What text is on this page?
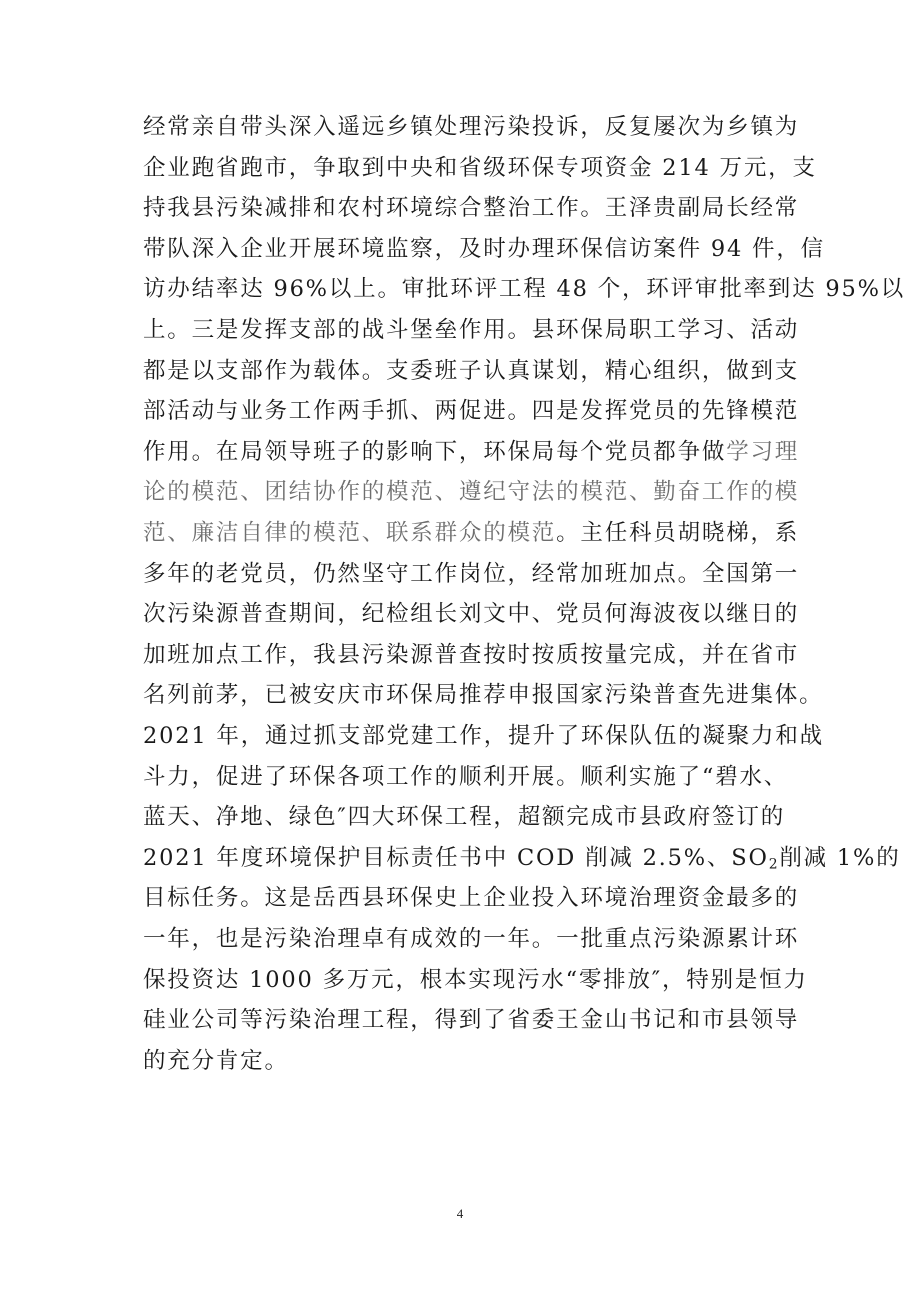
经常亲自带头深入遥远乡镇处理污染投诉，反复屡次为乡镇为
企业跑省跑市，争取到中央和省级环保专项资金 214 万元，支
持我县污染减排和农村环境综合整治工作。王泽贵副局长经常
带队深入企业开展环境监察，及时办理环保信访案件 94 件，信
访办结率达 96%以上。审批环评工程 48 个，环评审批率到达 95%以
上。三是发挥支部的战斗堡垒作用。县环保局职工学习、活动
都是以支部作为载体。支委班子认真谋划，精心组织，做到支
部活动与业务工作两手抓、两促进。四是发挥党员的先锋模范
作用。在局领导班子的影响下，环保局每个党员都争做学习理
论的模范、团结协作的模范、遵纪守法的模范、勤奋工作的模
范、廉洁自律的模范、联系群众的模范。主任科员胡晓梯，系
多年的老党员，仍然坚守工作岗位，经常加班加点。全国第一
次污染源普查期间，纪检组长刘文中、党员何海波夜以继日的
加班加点工作，我县污染源普查按时按质按量完成，并在省市
名列前茅，已被安庆市环保局推荐申报国家污染普查先进集体。
2021 年，通过抓支部党建工作，提升了环保队伍的凝聚力和战
斗力，促进了环保各项工作的顺利开展。顺利实施了“碧水、
蓝天、净地、绿色″四大环保工程，超额完成市县政府签订的
2021 年度环境保护目标责任书中 COD 削减 2.5%、$SO_2$削减 1%的
目标任务。这是岳西县环保史上企业投入环境治理资金最多的
一年，也是污染治理卓有成效的一年。一批重点污染源累计环
保投资达 1000 多万元，根本实现污水“零排放″，特别是恒力
硅业公司等污染治理工程，得到了省委王金山书记和市县领导
的充分肯定。
4
